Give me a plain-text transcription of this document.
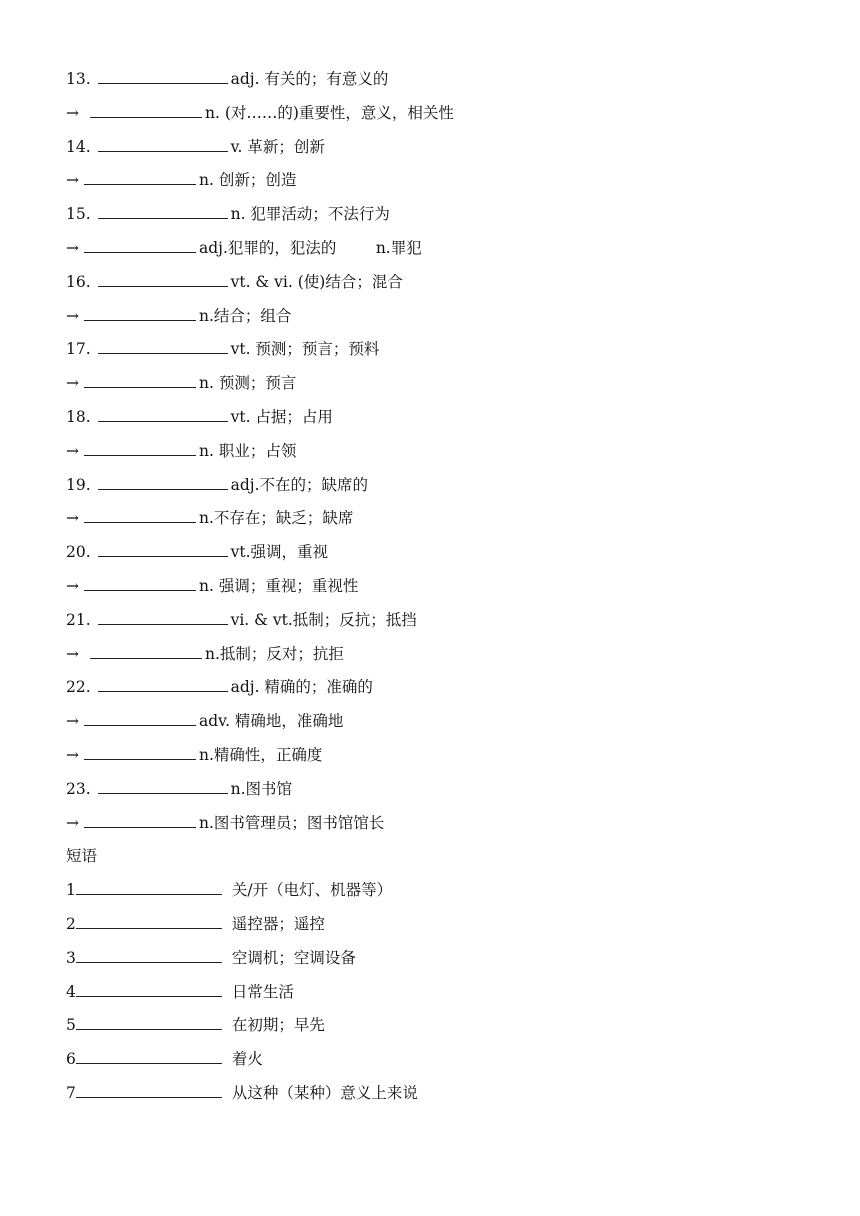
13.	adj. 有关的；有意义的
→	n. (对……的)重要性，意义，相关性
14.	v. 革新；创新
→	n. 创新；创造
15.	n. 犯罪活动；不法行为
→	adj.犯罪的，犯法的        n.罪犯
16.	vt. & vi. (使)结合；混合
→	n.结合；组合
17.	vt. 预测；预言；预料
→	n. 预测；预言
18.	vt. 占据；占用
→	n. 职业；占领
19.	adj.不在的；缺席的
→	n.不存在；缺乏；缺席
20.	vt.强调，重视
→	n. 强调；重视；重视性
21.	vi. & vt.抵制；反抗；抵挡
→	n.抵制；反对；抗拒
22.	adj. 精确的；准确的
→	adv. 精确地，准确地
→	n.精确性，正确度
23.	n.图书馆
→	n.图书管理员；图书馆馆长
短语
1	关/开（电灯、机器等）
2	遥控器；遥控
3	空调机；空调设备
4	日常生活
5	在初期；早先
6	着火
7	从这种（某种）意义上来说
